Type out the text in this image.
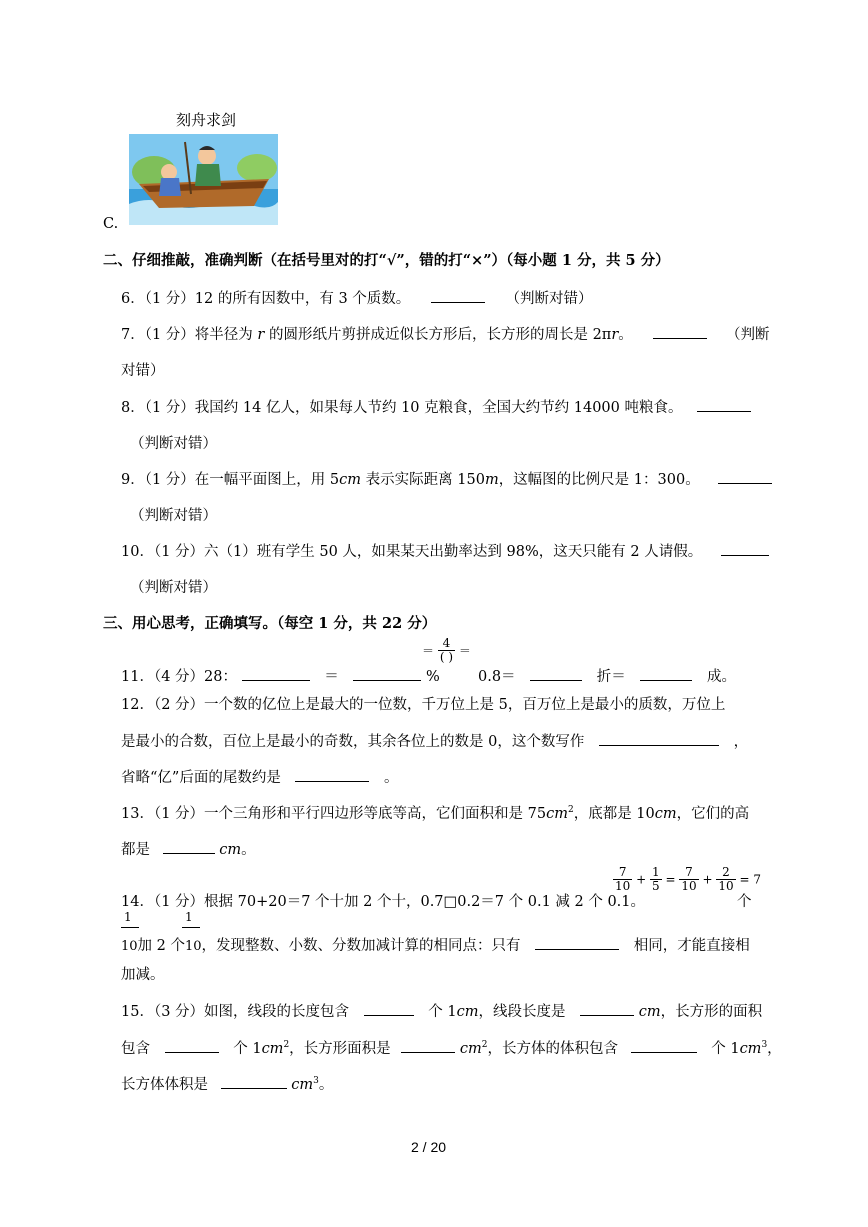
刻舟求剑
C.
二、仔细推敲，准确判断（在括号里对的打“√”，错的打“×”）（每小题 1 分，共 5 分）
6．（1 分）12 的所有因数中，有 3 个质数。	（判断对错）
7．（1 分）将半径为 r 的圆形纸片剪拼成近似长方形后，长方形的周长是 2πr。	（判断
对错）
8．（1 分）我国约 14 亿人，如果每人节约 10 克粮食，全国大约节约 14000 吨粮食。
（判断对错）
9．（1 分）在一幅平面图上，用 5cm 表示实际距离 150m，这幅图的比例尺是 1：300。
（判断对错）
10．（1 分）六（1）班有学生 50 人，如果某天出勤率达到 98%，这天只能有 2 人请假。
（判断对错）
三、用心思考，正确填写。（每空 1 分，共 22 分）
11．（4 分）28：	＝	%
＝ $\frac{4}{( )}$ ＝
0.8＝	折＝	成。
12．（2 分）一个数的亿位上是最大的一位数，千万位上是 5，百万位上是最小的质数，万位上
是最小的合数，百位上是最小的奇数，其余各位上的数是 0，这个数写作	，
省略“亿”后面的尾数约是	。
13．（1 分）一个三角形和平行四边形等底等高，它们面积和是 $75cm^2$，底都是 10cm，它们的高
都是	cm。
14．（1 分）根据 70+20＝7 个十加 2 个十，0.7□0.2＝7 个 0.1 减 2 个 0.1。
$\frac{7}{10} + \frac{1}{5} = \frac{7}{10} + \frac{2}{10} = 7$
个
1	1
10加 2 个10，发现整数、小数、分数加减计算的相同点：只有	相同，才能直接相
加减。
15．（3 分）如图，线段的长度包含	个 1cm，线段长度是	cm，长方形的面积
包含	个 $1cm^2$，长方形面积是	$cm^2$，长方体的体积包含	个 $1cm^3$，
长方体体积是	$cm^3$。
2 / 20
